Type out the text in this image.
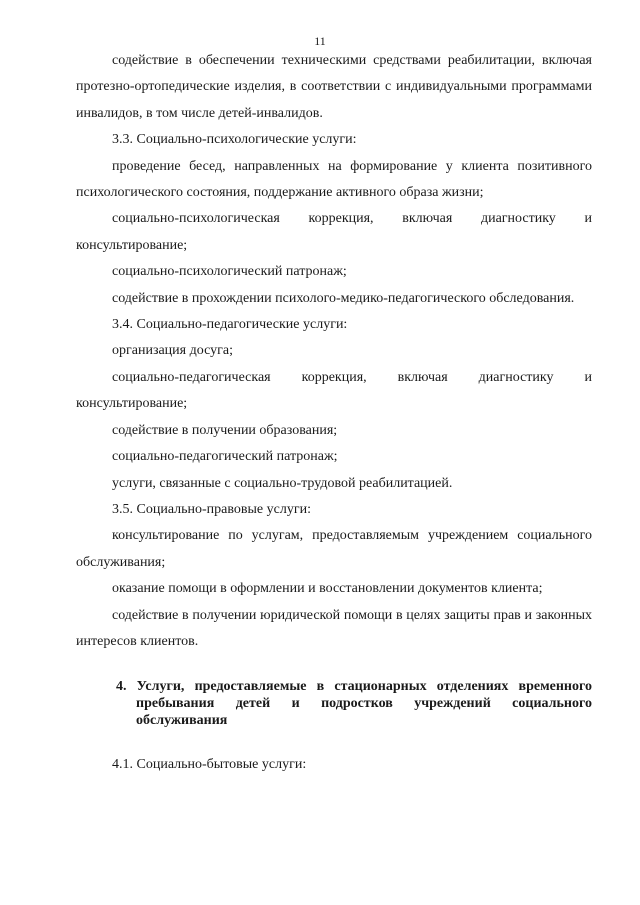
11

содействие в обеспечении техническими средствами реабилитации, включая протезно-ортопедические изделия, в соответствии с индивидуальными программами инвалидов, в том числе детей-инвалидов.

3.3. Социально-психологические услуги:

проведение бесед, направленных на формирование у клиента позитивного психологического состояния, поддержание активного образа жизни;

социально-психологическая коррекция, включая диагностику и консультирование;

социально-психологический патронаж;

содействие в прохождении психолого-медико-педагогического обследования.

3.4. Социально-педагогические услуги:

организация досуга;

социально-педагогическая коррекция, включая диагностику и консультирование;

содействие в получении образования;

социально-педагогический патронаж;

услуги, связанные с социально-трудовой реабилитацией.

3.5. Социально-правовые услуги:

консультирование по услугам, предоставляемым учреждением социального обслуживания;

оказание помощи в оформлении и восстановлении документов клиента;

содействие в получении юридической помощи в целях защиты прав и законных интересов клиентов.

4. Услуги, предоставляемые в стационарных отделениях временного пребывания детей и подростков учреждений социального обслуживания

4.1. Социально-бытовые услуги:
